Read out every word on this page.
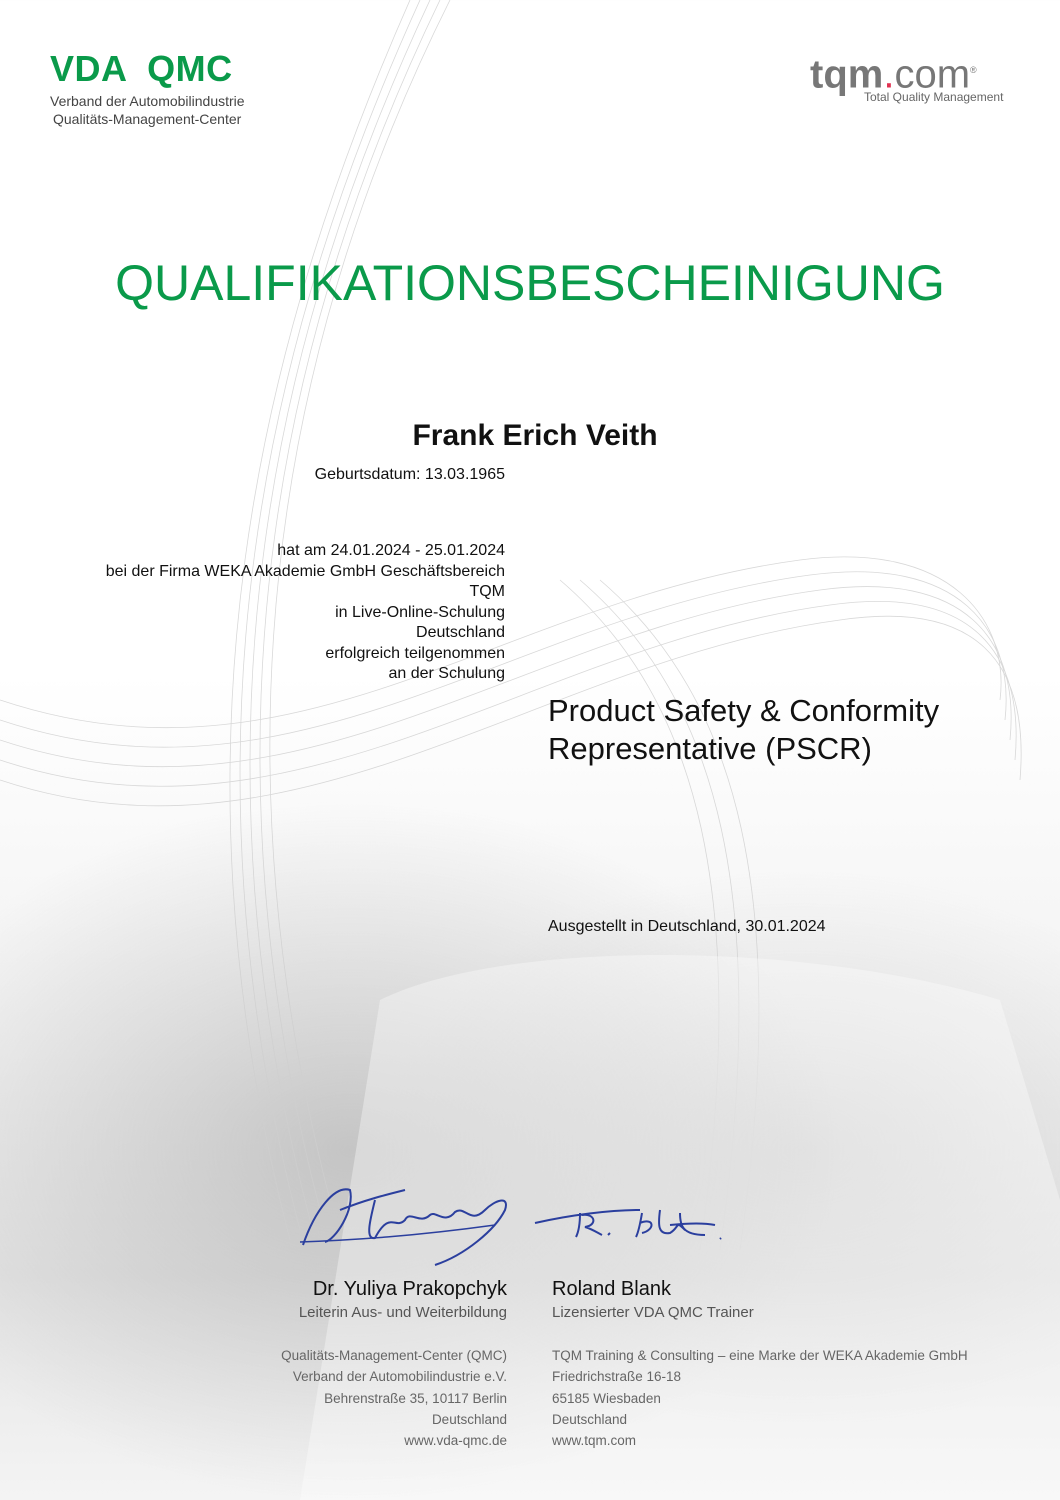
VDA  QMC
Verband der Automobilindustrie
Qualitäts-Management-Center
tqm.com®
Total Quality Management
QUALIFIKATIONSBESCHEINIGUNG
Frank Erich Veith
Geburtsdatum: 13.03.1965
hat am 24.01.2024 - 25.01.2024
bei der Firma WEKA Akademie GmbH Geschäftsbereich
TQM
in Live-Online-Schulung
Deutschland
erfolgreich teilgenommen
an der Schulung
Product Safety & Conformity
Representative (PSCR)
Ausgestellt in Deutschland, 30.01.2024
Dr. Yuliya Prakopchyk
Leiterin Aus- und Weiterbildung
Qualitäts-Management-Center (QMC)
Verband der Automobilindustrie e.V.
Behrenstraße 35, 10117 Berlin
Deutschland
www.vda-qmc.de
Roland Blank
Lizensierter VDA QMC Trainer
TQM Training & Consulting – eine Marke der WEKA Akademie GmbH
Friedrichstraße 16-18
65185 Wiesbaden
Deutschland
www.tqm.com
